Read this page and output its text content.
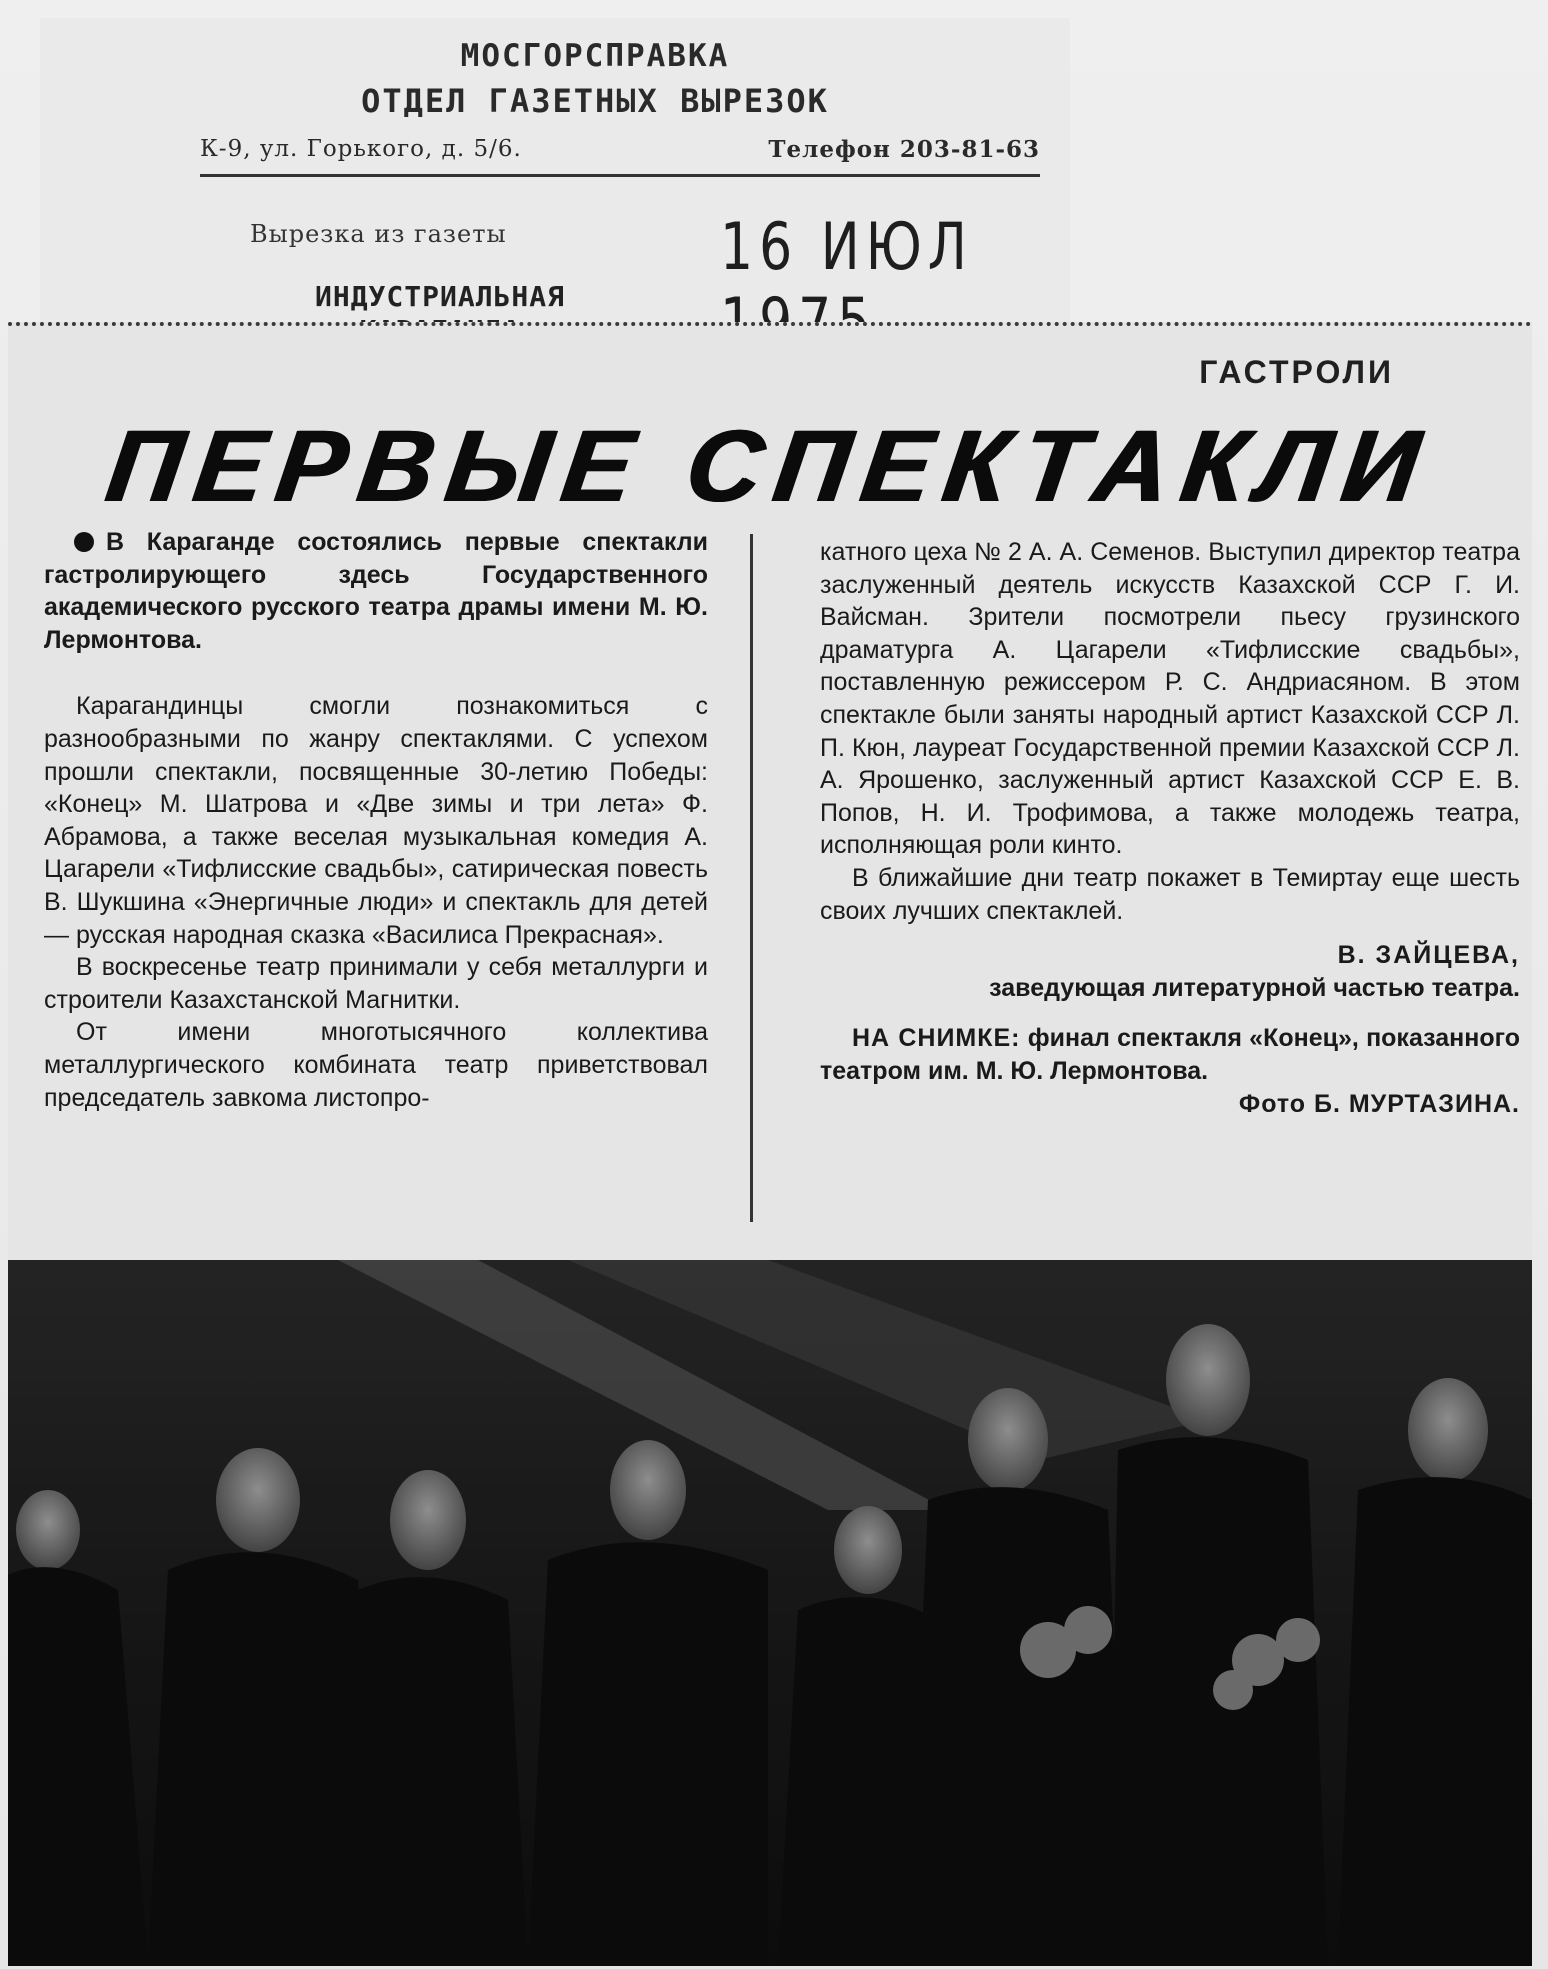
МОСГОРСПРАВКА
ОТДЕЛ ГАЗЕТНЫХ ВЫРЕЗОК
К-9, ул. Горького, д. 5/6.	Телефон 203-81-63
Вырезка из газеты	16 ИЮЛ
ИНДУСТРИАЛЬНАЯ
ГАСТРОЛИ
ПЕРВЫЕ СПЕКТАКЛИ

В Караганде состоялись первые спектакли гастролирующего здесь Государственного академического русского театра драмы имени М. Ю. Лермонтова.

Карагандинцы смогли познакомиться с разнообразными по жанру спектаклями. С успехом прошли спектакли, посвященные 30-летию Победы: «Конец» М. Шатрова и «Две зимы и три лета» Ф. Абрамова, а также веселая музыкальная комедия А. Цагарели «Тифлисские свадьбы», сатирическая повесть В. Шукшина «Энергичные люди» и спектакль для детей — русская народная сказка «Василиса Прекрасная».

В воскресенье театр принимали у себя металлурги и строители Казахстанской Магнитки.

От имени многотысячного коллектива металлургического комбината театр приветствовал председатель завкома листопро-

катного цеха № 2 А. А. Семенов. Выступил директор театра заслуженный деятель искусств Казахской ССР Г. И. Вайсман. Зрители посмотрели пьесу грузинского драматурга А. Цагарели «Тифлисские свадьбы», поставленную режиссером Р. С. Андриасяном. В этом спектакле были заняты народный артист Казахской ССР Л. П. Кюн, лауреат Государственной премии Казахской ССР Л. А. Ярошенко, заслуженный артист Казахской ССР Е. В. Попов, Н. И. Трофимова, а также молодежь театра, исполняющая роли кинто.

В ближайшие дни театр покажет в Темиртау еще шесть своих лучших спектаклей.

В. ЗАЙЦЕВА,

заведующая литературной частью театра.

НА СНИМКЕ: финал спектакля «Конец», показанного театром им. М. Ю. Лермонтова.
Фото Б. МУРТАЗИНА.
